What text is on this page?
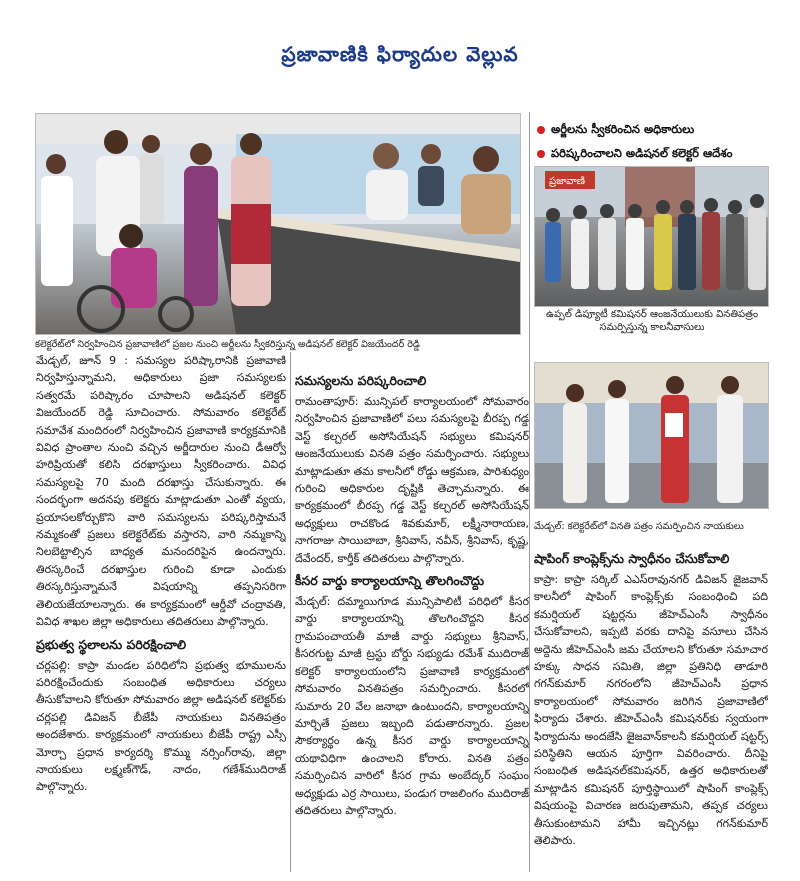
ప్రజావాణికి ఫిర్యాదుల వెల్లువ
కలెక్టరేట్‌లో నిర్వహించిన ప్రజావాణిలో ప్రజల నుంచి అర్జీలను స్వీకరిస్తున్న అడిషనల్ కలెక్టర్ విజయేందర్ రెడ్డి
అర్జీలను స్వీకరించిన అధికారులు
పరిష్కరించాలని అడిషనల్ కలెక్టర్ ఆదేశం
ప్రజావాణి
ఉప్పల్ డిప్యూటీ కమిషనర్ ఆంజనేయులుకు వినతిపత్రం సమర్పిస్తున్న కాలనీవాసులు
మేడ్చల్: కలెక్టరేట్‌లో వినతి పత్రం సమర్పించిన నాయకులు

మేడ్చల్, జూన్ 9 : సమస్యల పరిష్కారానికి ప్రజావాణి నిర్వహిస్తున్నామని, అధికారులు ప్రజా సమస్యలకు సత్వరమే పరిష్కారం చూపాలని అడిషనల్ కలెక్టర్ విజయేందర్ రెడ్డి సూచించారు. సోమవారం కలెక్టరేట్ సమావేశ మందిరంలో నిర్వహించిన ప్రజావాణి కార్యక్రమానికి వివిధ ప్రాంతాల నుంచి వచ్చిన అర్జీదారుల నుంచి డీఆర్వో హరిప్రియతో కలిసి దరఖాస్తులు స్వీకరించారు. వివిధ సమస్యలపై 70 మంది దరఖాస్తు చేసుకున్నారు. ఈ సందర్భంగా అదనపు కలెక్టరు మాట్లాడుతూ ఎంతో వ్యయ, ప్రయాసలకోర్చుకొని వారి సమస్యలను పరిష్కరిస్తామనే నమ్మకంతో ప్రజలు కలెక్టరేట్‌కు వస్తారని, వారి నమ్మకాన్ని నిలబెట్టాల్సిన బాధ్యత మనందరిపైన ఉందన్నారు. తిరస్కరించే దరఖాస్తుల గురించి కూడా ఎందుకు తిరస్కరిస్తున్నామనే విషయాన్ని తప్పనిసరిగా తెలియజేయాలన్నారు. ఈ కార్యక్రమంలో ఆర్డీవో చంద్రావతి, వివిధ శాఖల జిల్లా అధికారులు తదితరులు పాల్గొన్నారు.

ప్రభుత్వ స్థలాలను పరిరక్షించాలి

చర్లపల్లి: కాప్రా మండల పరిధిలోని ప్రభుత్వ భూములను పరిరక్షించేందుకు సంబంధిత అధికారులు చర్యలు తీసుకోవాలని కోరుతూ సోమవారం జిల్లా అడిషనల్ కలెక్టర్‌కు చర్లపల్లి డివిజన్ బీజేపీ నాయకులు వినతిపత్రం అందజేశారు. కార్యక్రమంలో నాయకులు బీజేపీ రాష్ట్ర ఎస్సీ మోర్చా ప్రధాన కార్యదర్శి కొమ్ము నర్సింగ్‌రావు, జిల్లా నాయకులు లక్ష్మణ్‌గౌడ్, నాదం, గణేశ్‌ముదిరాజ్ పాల్గొన్నారు.

సమస్యలను పరిష్కరించాలి

రామంతాపూర్: మున్సిపల్ కార్యాలయంలో సోమవారం నిర్వహించిన ప్రజావాణిలో పలు సమస్యలపై బీరప్ప గడ్డ వెస్ట్ కల్చరల్ అసోసియేషన్ సభ్యులు కమిషనర్ ఆంజనేయులుకు వినతి పత్రం సమర్పించారు. సభ్యులు మాట్లాడుతూ తమ కాలనీలో రోడ్డు ఆక్రమణ, పారిశుధ్యం గురించి అధికారుల దృష్టికి తెచ్చామన్నారు. ఈ కార్యక్రమంలో బీరప్ప గడ్డ వెస్ట్ కల్చరల్ అసోసియేషన్ అధ్యక్షులు రాచకొండ శివకుమార్, లక్ష్మీనారాయణ, నాగరాజు సాయిబాబా, శ్రీనివాస్, నవీన్, శ్రీనివాస్, కృష్ణ, దేవేందర్, కార్తీక్ తదితరులు పాల్గొన్నారు.

కీసర వార్డు కార్యాలయాన్ని తొలగించొద్దు

మేడ్చల్: దమ్మాయిగూడ మున్సిపాలిటీ పరిధిలో కీసర వార్డు కార్యాలయాన్ని తొలగించొద్దని కీసర గ్రామపంచాయతీ మాజీ వార్డు సభ్యులు శ్రీనివాస్, కీసరగుట్ట మాజీ ట్రస్టు బోర్డు సభ్యుడు రమేశ్ ముదిరాజ్ కలెక్టర్ కార్యాలయంలోని ప్రజావాణి కార్యక్రమంలో సోమవారం వినతిపత్రం సమర్పించారు. కీసరలో సుమారు 20 వేల జనాభా ఉంటుందని, కార్యాలయాన్ని మార్చితే ప్రజలు ఇబ్బంది పడుతారన్నారు. ప్రజల సౌకర్యార్థం ఉన్న కీసర వార్డు కార్యాలయాన్ని యథావిధిగా ఉంచాలని కోరారు. వినతి పత్రం సమర్పించిన వారిలో కీసర గ్రామ అంబేద్కర్ సంఘం అధ్యక్షుడు ఎర్ర సాయిలు, పండుగ రాజలింగం ముదిరాజ్ తదితరులు పాల్గొన్నారు.

షాపింగ్ కాంప్లెక్స్‌ను స్వాధీనం చేసుకోవాలి

కాప్రా: కాప్రా సర్కిల్ ఎఎస్‌రావునగర్ డివిజన్ జైజవాన్ కాలనీలో షాపింగ్ కాంప్లెక్స్‌కు సంబంధించి పది కమర్షియల్ షట్టర్లను జీహెచ్‌ఎంసీ స్వాధీనం చేసుకోవాలని, ఇప్పటి వరకు దానిపై వసూలు చేసిన అద్దెను జీహెచ్‌ఎంసీ జమ చేయాలని కోరుతూ సమాచార హక్కు సాధన సమితి, జిల్లా ప్రతినిధి తాడూరి గగన్‌కుమార్ నగరంలోని జీహెచ్‌ఎంసీ ప్రధాన కార్యాలయంలో సోమవారం జరిగిన ప్రజావాణిలో ఫిర్యాదు చేశారు. జీహెచ్‌ఎంసీ కమిషనర్‌కు స్వయంగా ఫిర్యాదును అందజేసి జైజవాన్‌కాలనీ కమర్షియల్ షట్టర్స్ పరిస్థితిని ఆయన పూర్తిగా వివరించారు. దీనిపై సంబంధిత అడిషనల్‌కమిషనర్, ఉత్తర అధికారులతో మాట్లాడిన కమిషనర్ పూర్తిస్థాయిలో షాపింగ్ కాంప్లెక్స్ విషయంపై విచారణ జరుపుతామని, తప్పక చర్యలు తీసుకుంటామని హామీ ఇచ్చినట్లు గగన్‌కుమార్ తెలిపారు.
